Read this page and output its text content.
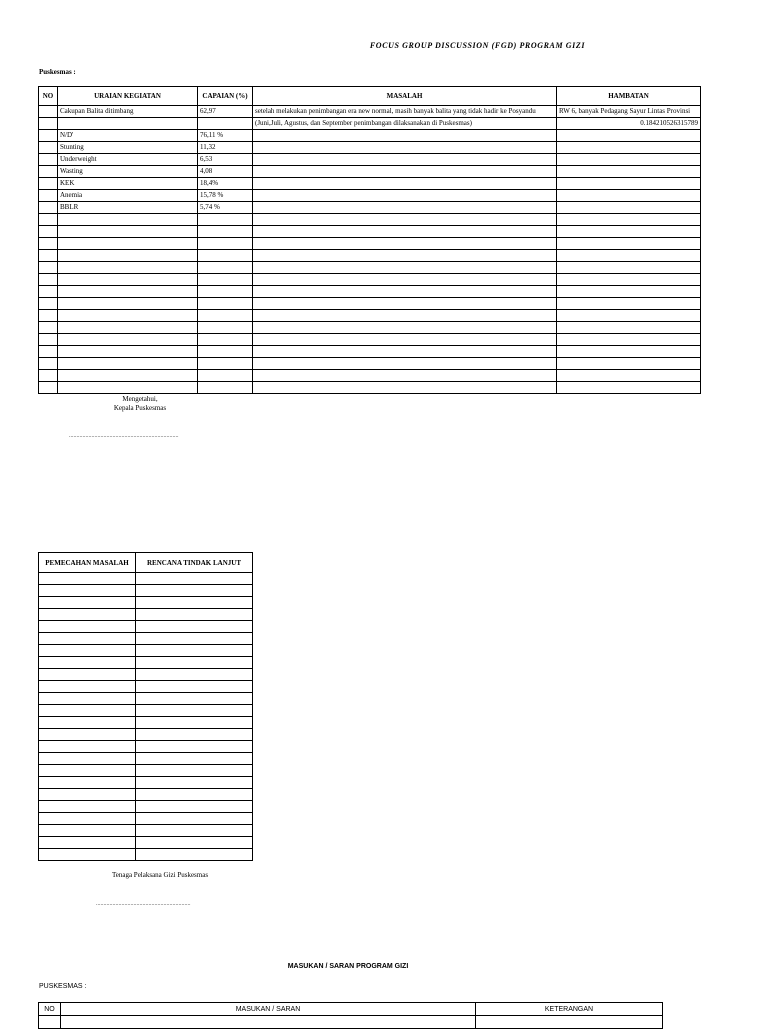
FOCUS GROUP DISCUSSION (FGD) PROGRAM GIZI
Puskesmas :
NO	URAIAN KEGIATAN	CAPAIAN (%)	MASALAH	HAMBATAN
	Cakupan Balita ditimbang	62,97	setelah melakukan penimbangan era new normal, masih banyak balita yang tidak hadir ke Posyandu	RW 6, banyak Pedagang Sayur Lintas Provinsi
			(Juni,Juli, Agustus, dan September penimbangan dilaksanakan di Puskesmas)	0.184210526315789
	N/D'	76,11 %		
	Stunting	11,32		
	Underweight	6,53		
	Wasting	4,08		
	KEK	18,4%		
	Anemia	15,78 %		
	BBLR	5,74 %		

Mengetahui,
Kepala Puskesmas
.........................................................................
PEMECAHAN MASALAH	RENCANA TINDAK LANJUT

Tenaga Pelaksana Gizi Puskesmas
...............................................................
MASUKAN / SARAN PROGRAM GIZI
PUSKESMAS :
NO	MASUKAN / SARAN	KETERANGAN
